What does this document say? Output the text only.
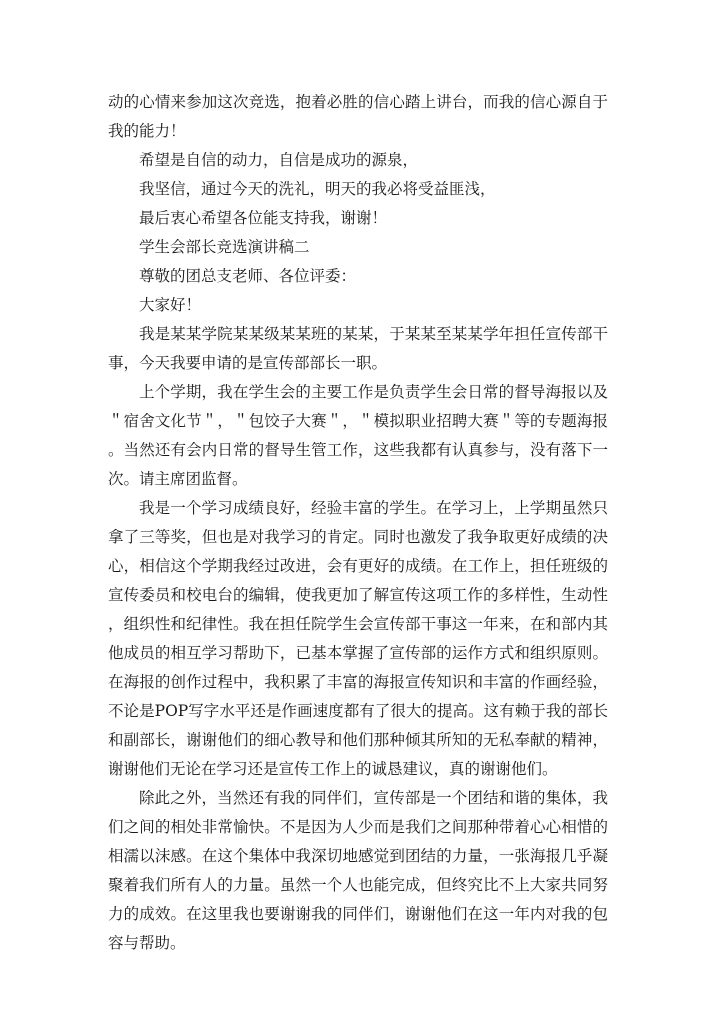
动的心情来参加这次竞选，抱着必胜的信心踏上讲台，而我的信心源自于我的能力！

希望是自信的动力，自信是成功的源泉，

我坚信，通过今天的洗礼，明天的我必将受益匪浅，

最后衷心希望各位能支持我，谢谢！

学生会部长竞选演讲稿二

尊敬的团总支老师、各位评委：

大家好！

我是某某学院某某级某某班的某某，于某某至某某学年担任宣传部干事，今天我要申请的是宣传部部长一职。

上个学期，我在学生会的主要工作是负责学生会日常的督导海报以及＂宿舍文化节＂，＂包饺子大赛＂，＂模拟职业招聘大赛＂等的专题海报。当然还有会内日常的督导生管工作，这些我都有认真参与，没有落下一次。请主席团监督。

我是一个学习成绩良好，经验丰富的学生。在学习上，上学期虽然只拿了三等奖，但也是对我学习的肯定。同时也激发了我争取更好成绩的决心，相信这个学期我经过改进，会有更好的成绩。在工作上，担任班级的宣传委员和校电台的编辑，使我更加了解宣传这项工作的多样性，生动性，组织性和纪律性。我在担任院学生会宣传部干事这一年来，在和部内其他成员的相互学习帮助下，已基本掌握了宣传部的运作方式和组织原则。在海报的创作过程中，我积累了丰富的海报宣传知识和丰富的作画经验，不论是POP写字水平还是作画速度都有了很大的提高。这有赖于我的部长和副部长，谢谢他们的细心教导和他们那种倾其所知的无私奉献的精神，谢谢他们无论在学习还是宣传工作上的诚恳建议，真的谢谢他们。

除此之外，当然还有我的同伴们，宣传部是一个团结和谐的集体，我们之间的相处非常愉快。不是因为人少而是我们之间那种带着心心相惜的相濡以沫感。在这个集体中我深切地感觉到团结的力量，一张海报几乎凝聚着我们所有人的力量。虽然一个人也能完成，但终究比不上大家共同努力的成效。在这里我也要谢谢我的同伴们，谢谢他们在这一年内对我的包容与帮助。
